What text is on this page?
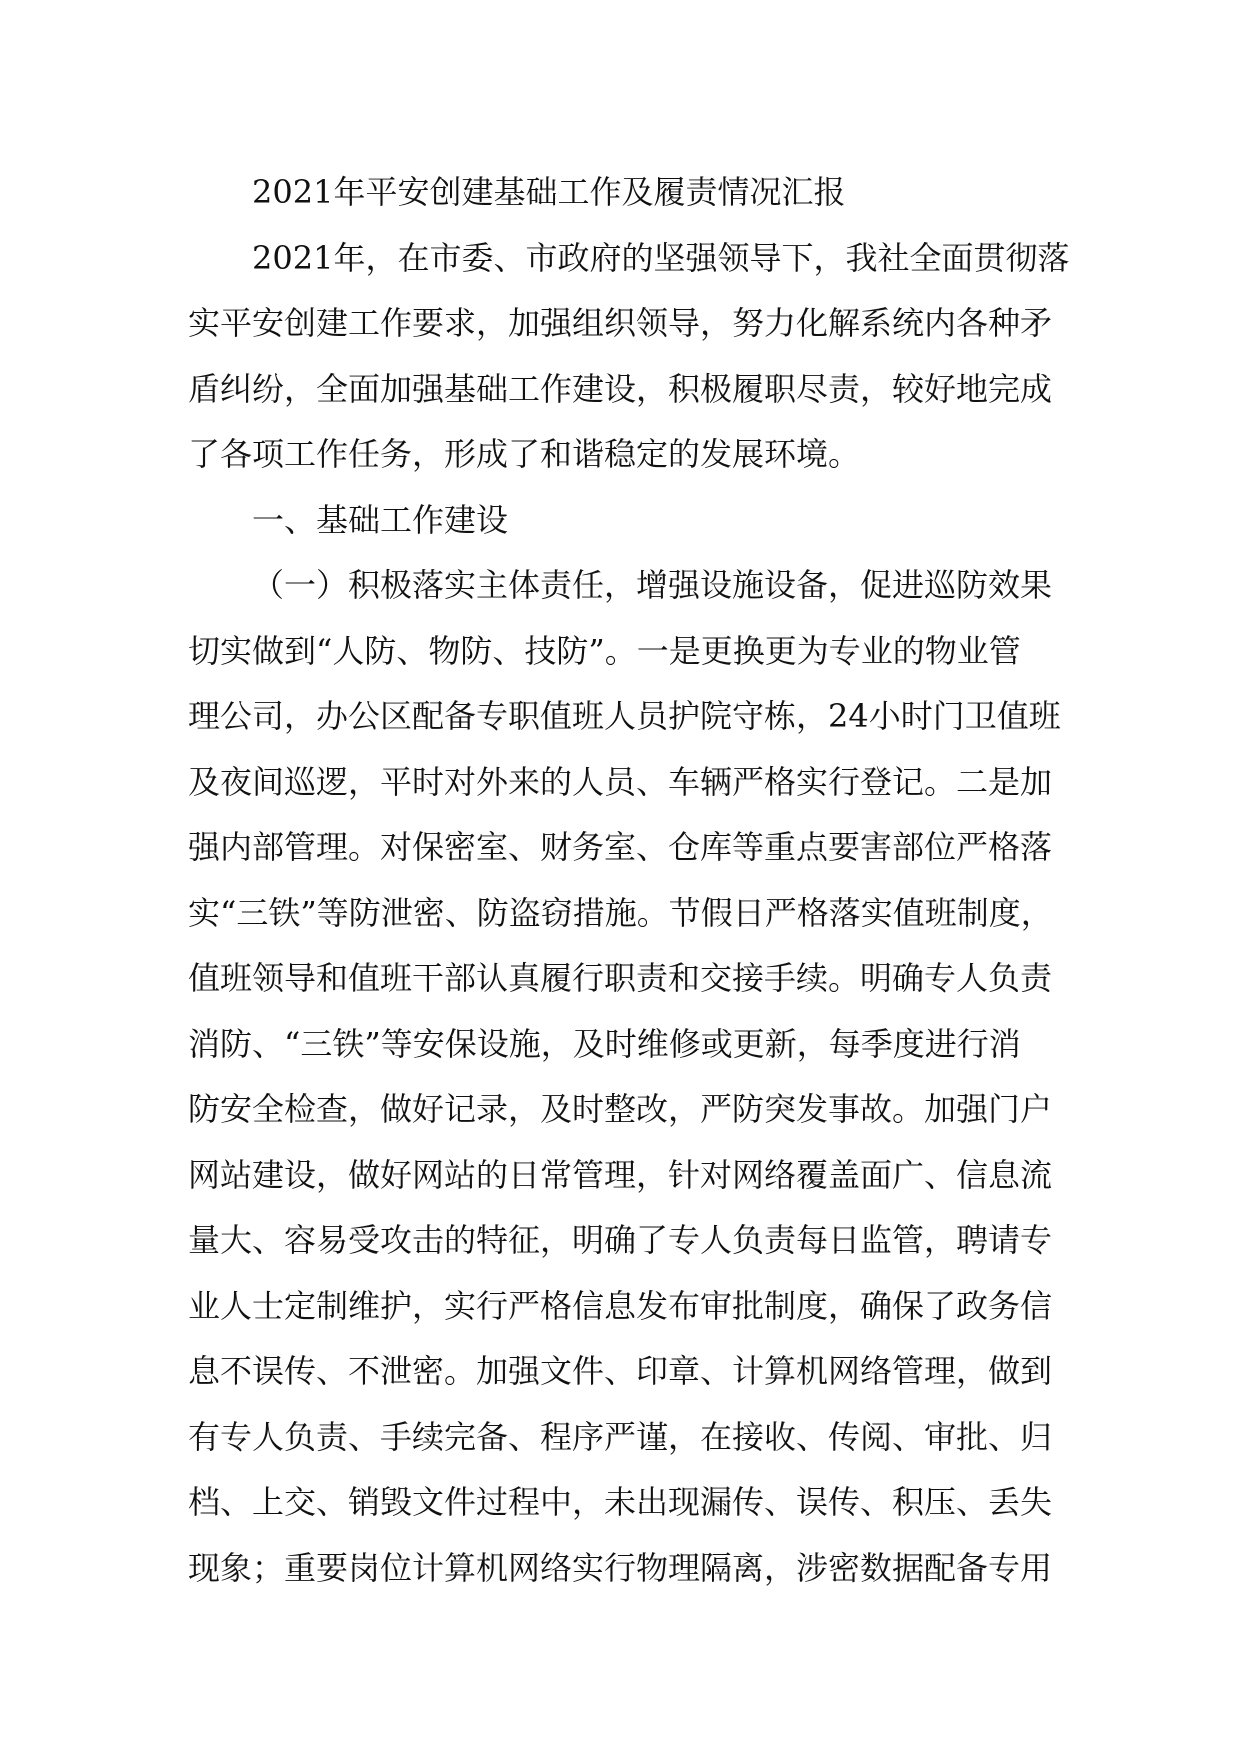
2021年平安创建基础工作及履责情况汇报
2021年，在市委、市政府的坚强领导下，我社全面贯彻落
实平安创建工作要求，加强组织领导，努力化解系统内各种矛
盾纠纷，全面加强基础工作建设，积极履职尽责，较好地完成
了各项工作任务，形成了和谐稳定的发展环境。
一、基础工作建设
（一）积极落实主体责任，增强设施设备，促进巡防效果
切实做到“人防、物防、技防”。一是更换更为专业的物业管
理公司，办公区配备专职值班人员护院守栋，24小时门卫值班
及夜间巡逻，平时对外来的人员、车辆严格实行登记。二是加
强内部管理。对保密室、财务室、仓库等重点要害部位严格落
实“三铁”等防泄密、防盗窃措施。节假日严格落实值班制度，
值班领导和值班干部认真履行职责和交接手续。明确专人负责
消防、“三铁”等安保设施，及时维修或更新，每季度进行消
防安全检查，做好记录，及时整改，严防突发事故。加强门户
网站建设，做好网站的日常管理，针对网络覆盖面广、信息流
量大、容易受攻击的特征，明确了专人负责每日监管，聘请专
业人士定制维护，实行严格信息发布审批制度，确保了政务信
息不误传、不泄密。加强文件、印章、计算机网络管理，做到
有专人负责、手续完备、程序严谨，在接收、传阅、审批、归
档、上交、销毁文件过程中，未出现漏传、误传、积压、丢失
现象；重要岗位计算机网络实行物理隔离，涉密数据配备专用
